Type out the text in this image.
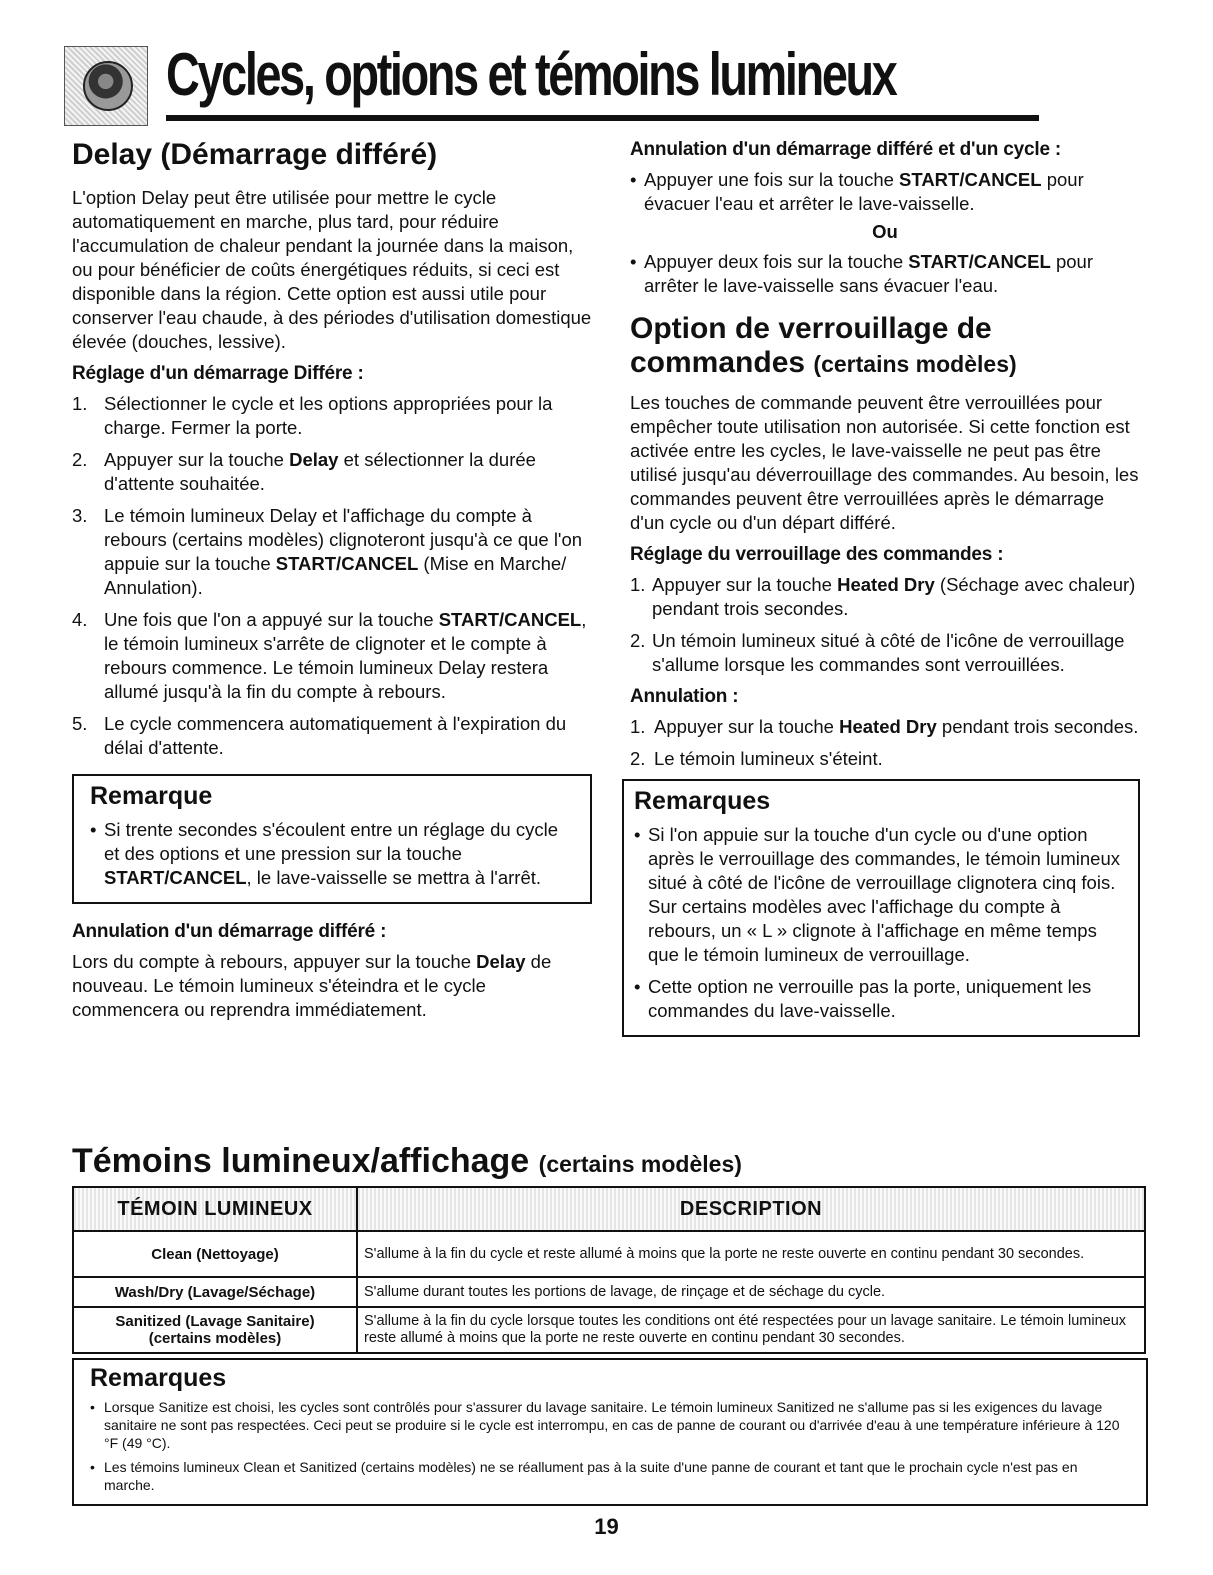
Cycles, options et témoins lumineux
Delay (Démarrage différé)

L'option Delay peut être utilisée pour mettre le cycle automatiquement en marche, plus tard, pour réduire l'accumulation de chaleur pendant la journée dans la maison, ou pour bénéficier de coûts énergétiques réduits, si ceci est disponible dans la région. Cette option est aussi utile pour conserver l'eau chaude, à des périodes d'utilisation domestique élevée (douches, lessive).

Réglage d'un démarrage Différe :
1. Sélectionner le cycle et les options appropriées pour la charge. Fermer la porte.
2. Appuyer sur la touche Delay et sélectionner la durée d'attente souhaitée.
3. Le témoin lumineux Delay et l'affichage du compte à rebours (certains modèles) clignoteront jusqu'à ce que l'on appuie sur la touche START/CANCEL (Mise en Marche/ Annulation).
4. Une fois que l'on a appuyé sur la touche START/CANCEL, le témoin lumineux s'arrête de clignoter et le compte à rebours commence. Le témoin lumineux Delay restera allumé jusqu'à la fin du compte à rebours.
5. Le cycle commencera automatiquement à l'expiration du délai d'attente.
Remarque
• Si trente secondes s'écoulent entre un réglage du cycle et des options et une pression sur la touche START/CANCEL, le lave-vaisselle se mettra à l'arrêt.
Annulation d'un démarrage différé :

Lors du compte à rebours, appuyer sur la touche Delay de nouveau. Le témoin lumineux s'éteindra et le cycle commencera ou reprendra immédiatement.

Annulation d'un démarrage différé et d'un cycle :
• Appuyer une fois sur la touche START/CANCEL pour évacuer l'eau et arrêter le lave-vaisselle.
Ou
• Appuyer deux fois sur la touche START/CANCEL pour arrêter le lave-vaisselle sans évacuer l'eau.
Option de verrouillage de commandes (certains modèles)

Les touches de commande peuvent être verrouillées pour empêcher toute utilisation non autorisée. Si cette fonction est activée entre les cycles, le lave-vaisselle ne peut pas être utilisé jusqu'au déverrouillage des commandes. Au besoin, les commandes peuvent être verrouillées après le démarrage d'un cycle ou d'un départ différé.

Réglage du verrouillage des commandes :
1. Appuyer sur la touche Heated Dry (Séchage avec chaleur) pendant trois secondes.
2. Un témoin lumineux situé à côté de l'icône de verrouillage s'allume lorsque les commandes sont verrouillées.
Annulation :
1. Appuyer sur la touche Heated Dry pendant trois secondes.
2. Le témoin lumineux s'éteint.
Remarques
• Si l'on appuie sur la touche d'un cycle ou d'une option après le verrouillage des commandes, le témoin lumineux situé à côté de l'icône de verrouillage clignotera cinq fois. Sur certains modèles avec l'affichage du compte à rebours, un « L » clignote à l'affichage en même temps que le témoin lumineux de verrouillage.
• Cette option ne verrouille pas la porte, uniquement les commandes du lave-vaisselle.
Témoins lumineux/affichage (certains modèles)
TÉMOIN LUMINEUX	DESCRIPTION
Clean (Nettoyage)	S'allume à la fin du cycle et reste allumé à moins que la porte ne reste ouverte en continu pendant 30 secondes.
Wash/Dry (Lavage/Séchage)	S'allume durant toutes les portions de lavage, de rinçage et de séchage du cycle.

Sanitized (Lavage Sanitaire)
(certains modèles)	S'allume à la fin du cycle lorsque toutes les conditions ont été respectées pour un lavage sanitaire. Le témoin lumineux reste allumé à moins que la porte ne reste ouverte en continu pendant 30 secondes.
Remarques
• Lorsque Sanitize est choisi, les cycles sont contrôlés pour s'assurer du lavage sanitaire. Le témoin lumineux Sanitized ne s'allume pas si les exigences du lavage sanitaire ne sont pas respectées. Ceci peut se produire si le cycle est interrompu, en cas de panne de courant ou d'arrivée d'eau à une température inférieure à 120 °F (49 °C).
• Les témoins lumineux Clean et Sanitized (certains modèles) ne se réallument pas à la suite d'une panne de courant et tant que le prochain cycle n'est pas en marche.
19
